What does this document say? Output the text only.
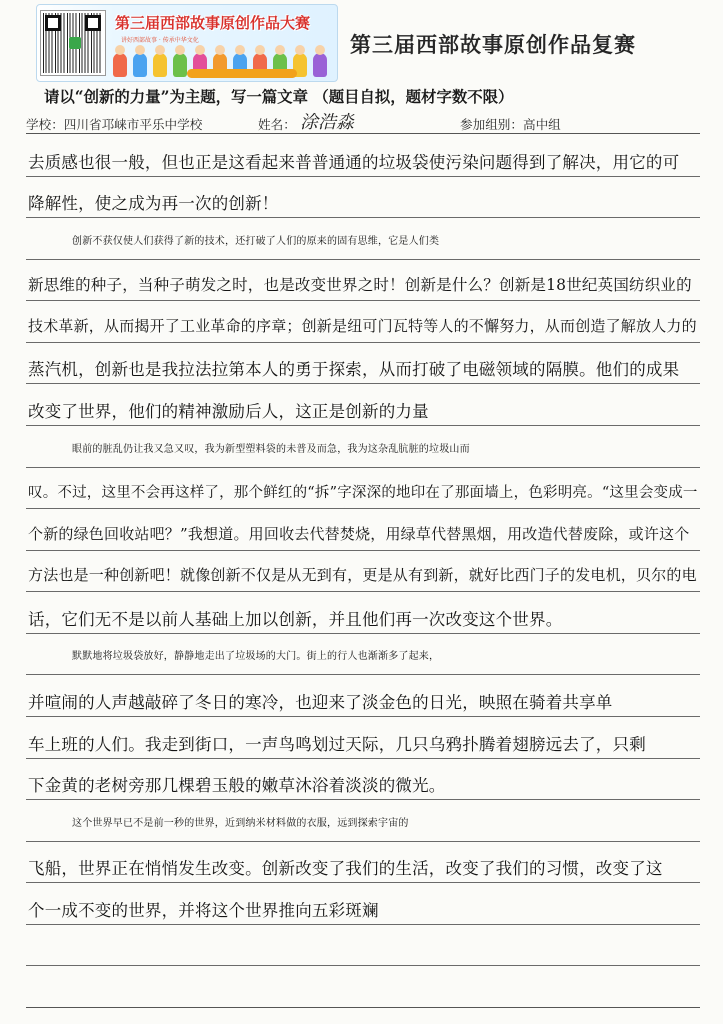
第三届西部故事原创作品大赛
讲好西部故事 · 传承中华文化	第三届西部故事原创作品复赛
请以“创新的力量”为主题，写一篇文章 （题目自拟，题材字数不限）
学校：四川省邛崃市平乐中学校	姓名： 涂浩淼	参加组别：高中组
去质感也很一般，但也正是这看起来普普通通的垃圾袋使污染问题得到了解决，用它的可
降解性，使之成为再一次的创新！
创新不获仅使人们获得了新的技术，还打破了人们的原来的固有思维，它是人们类
新思维的种子，当种子萌发之时，也是改变世界之时！创新是什么？创新是18世纪英国纺织业的
技术革新，从而揭开了工业革命的序章；创新是纽可门瓦特等人的不懈努力，从而创造了解放人力的
蒸汽机，创新也是我拉法拉第本人的勇于探索，从而打破了电磁领域的隔膜。他们的成果
改变了世界，他们的精神激励后人，这正是创新的力量
眼前的脏乱仍让我又急又叹，我为新型塑料袋的未普及而急，我为这杂乱肮脏的垃圾山而
叹。不过，这里不会再这样了，那个鲜红的“拆”字深深的地印在了那面墙上，色彩明亮。“这里会变成一
个新的绿色回收站吧？”我想道。用回收去代替焚烧，用绿草代替黑烟，用改造代替废除，或许这个
方法也是一种创新吧！就像创新不仅是从无到有，更是从有到新，就好比西门子的发电机，贝尔的电
话，它们无不是以前人基础上加以创新，并且他们再一次改变这个世界。
默默地将垃圾袋放好，静静地走出了垃圾场的大门。街上的行人也渐渐多了起来，
并喧闹的人声越敲碎了冬日的寒冷，也迎来了淡金色的日光，映照在骑着共享单
车上班的人们。我走到街口，一声鸟鸣划过天际，几只乌鸦扑腾着翅膀远去了，只剩
下金黄的老树旁那几棵碧玉般的嫩草沐浴着淡淡的微光。
这个世界早已不是前一秒的世界，近到纳米材料做的衣服，远到探索宇宙的
飞船，世界正在悄悄发生改变。创新改变了我们的生活，改变了我们的习惯，改变了这
个一成不变的世界，并将这个世界推向五彩斑斓
